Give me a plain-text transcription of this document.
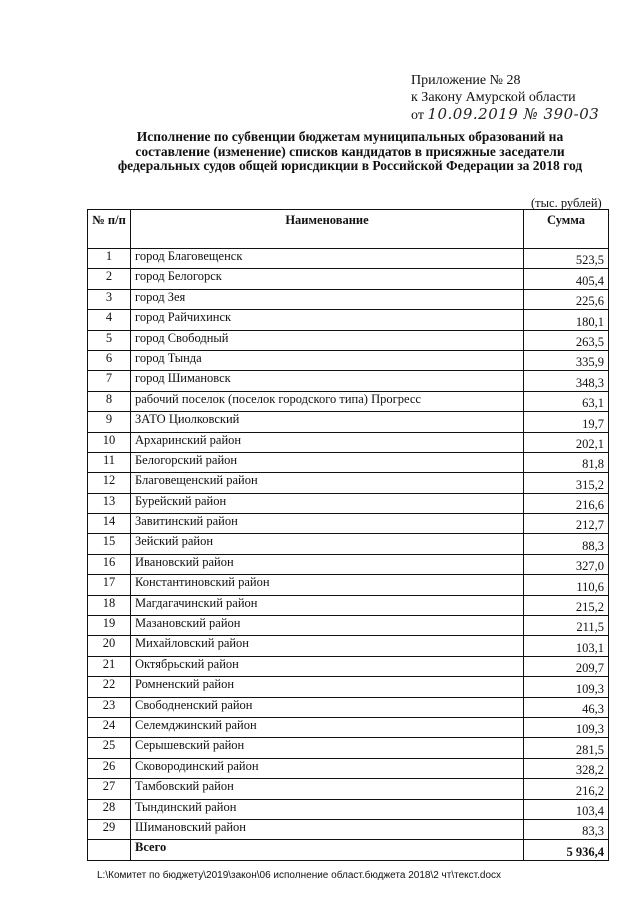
Приложение № 28
к Закону Амурской области
от 10.09.2019 № 390-03
Исполнение по субвенции бюджетам муниципальных образований на составление (изменение) списков кандидатов в присяжные заседатели федеральных судов общей юрисдикции в Российской Федерации за 2018 год
(тыс. рублей)
№ п/п	Наименование	Сумма
1	город Благовещенск	523,5
2	город Белогорск	405,4
3	город Зея	225,6
4	город Райчихинск	180,1
5	город Свободный	263,5
6	город Тында	335,9
7	город Шимановск	348,3
8	рабочий поселок (поселок городского типа) Прогресс	63,1
9	ЗАТО Циолковский	19,7
10	Архаринский район	202,1
11	Белогорский район	81,8
12	Благовещенский район	315,2
13	Бурейский район	216,6
14	Завитинский район	212,7
15	Зейский район	88,3
16	Ивановский район	327,0
17	Константиновский район	110,6
18	Магдагачинский район	215,2
19	Мазановский район	211,5
20	Михайловский район	103,1
21	Октябрьский район	209,7
22	Ромненский район	109,3
23	Свободненский район	46,3
24	Селемджинский район	109,3
25	Серышевский район	281,5
26	Сковородинский район	328,2
27	Тамбовский район	216,2
28	Тындинский район	103,4
29	Шимановский район	83,3
	Всего	5 936,4
L:\Комитет по бюджету\2019\закон\06 исполнение област.бюджета 2018\2 чт\текст.docx
